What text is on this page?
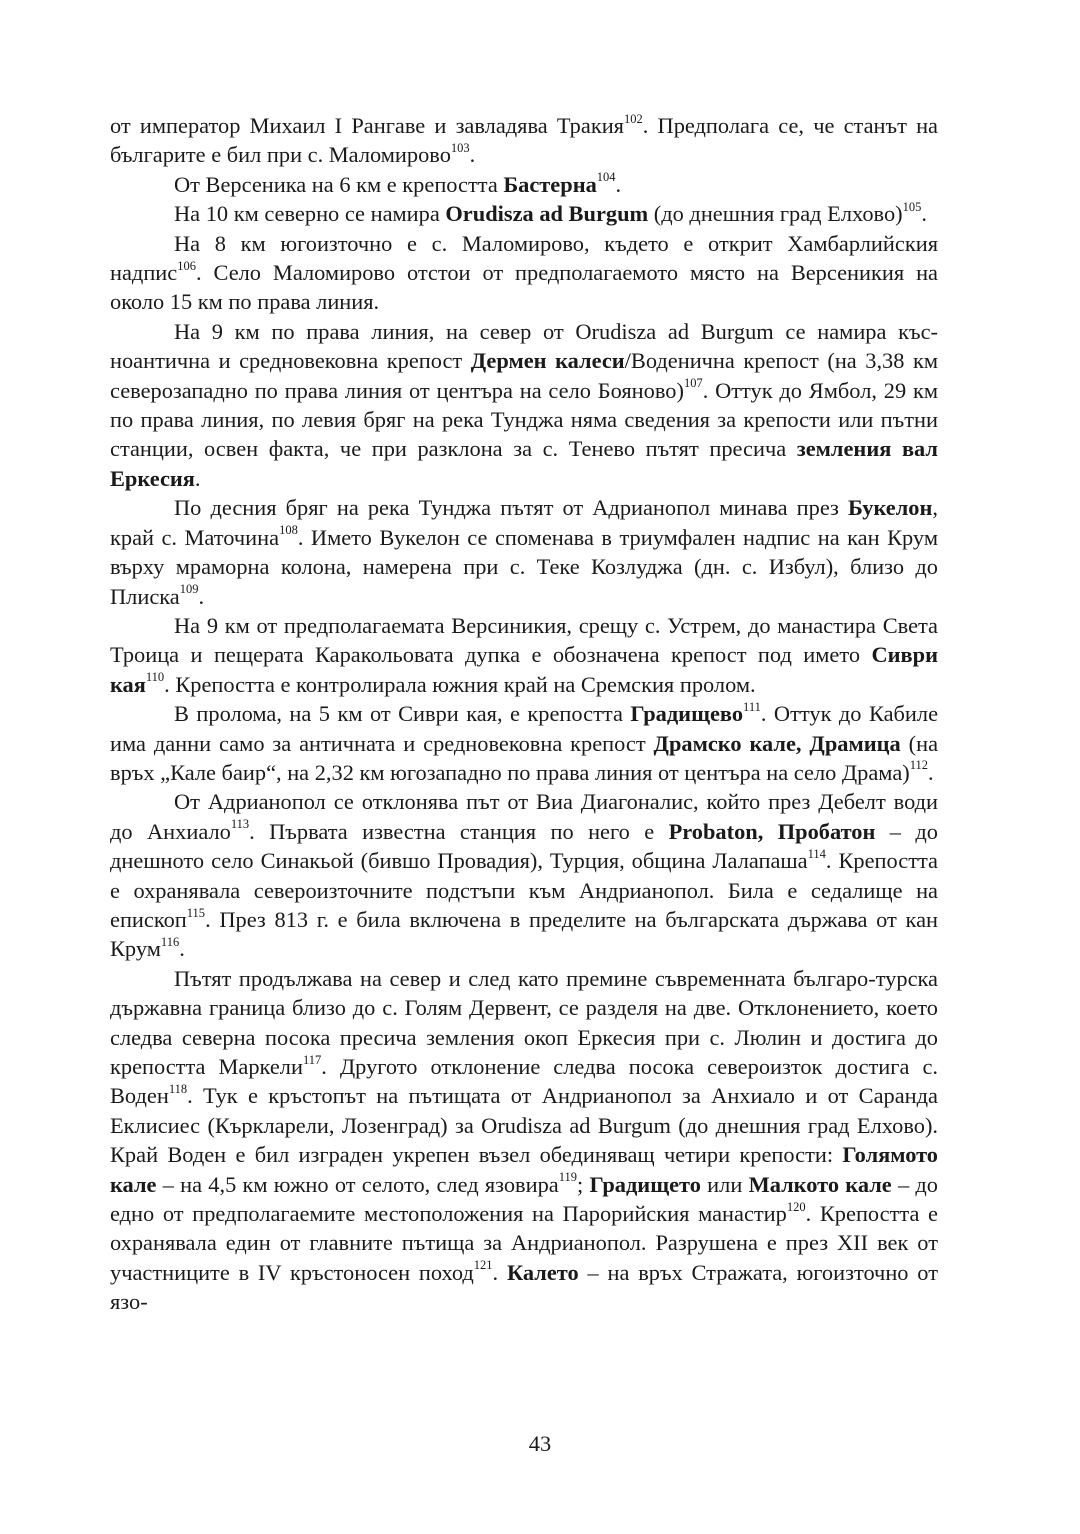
от император Михаил I Рангаве и завладява Тракия$^{102}$. Предполага се, че станът на българите е бил при с. Маломирово$^{103}$.

От Версеника на 6 км е крепостта Бастерна$^{104}$.

На 10 км северно се намира Orudisza ad Burgum (до днешния град Елхово)$^{105}$.

На 8 км югоизточно е с. Маломирово, където е открит Хамбарлийския надпис$^{106}$. Село Маломирово отстои от предполагаемото място на Версеникия на около 15 км по права линия.

На 9 км по права линия, на север от Orudisza ad Burgum се намира късноантична и средновековна крепост Дермен калеси/Воденична крепост (на 3,38 км северозападно по права линия от центъра на село Бояново)$^{107}$. Оттук до Ямбол, 29 км по права линия, по левия бряг на река Тунджа няма сведения за крепости или пътни станции, освен факта, че при разклона за с. Тенево пътят пресича земления вал Еркесия.

По десния бряг на река Тунджа пътят от Адрианопол минава през Букелон, край с. Маточина$^{108}$. Името Вукелон се споменава в триумфален надпис на кан Крум върху мраморна колона, намерена при с. Теке Козлуджа (дн. с. Избул), близо до Плиска$^{109}$.

На 9 км от предполагаемата Версиникия, срещу с. Устрем, до манастира Света Троица и пещерата Каракольовата дупка е обозначена крепост под името Сиври кая$^{110}$. Крепостта е контролирала южния край на Сремския пролом.

В пролома, на 5 км от Сиври кая, е крепостта Градищево$^{111}$. Оттук до Кабиле има данни само за античната и средновековна крепост Драмско кале, Драмица (на връх „Кале баир“, на 2,32 км югозападно по права линия от центъра на село Драма)$^{112}$.

От Адрианопол се отклонява път от Виа Диагоналис, който през Дебелт води до Анхиало$^{113}$. Първата известна станция по него е Probaton, Пробатон – до днешното село Синакьой (бившо Провадия), Турция, община Лалапаша$^{114}$. Крепостта е охранявала североизточните подстъпи към Андрианопол. Била е седалище на епископ$^{115}$. През 813 г. е била включена в пределите на българската държава от кан Крум$^{116}$.

Пътят продължава на север и след като премине съвременната българо-турска държавна граница близо до с. Голям Дервент, се разделя на две. Отклонението, което следва северна посока пресича земления окоп Еркесия при с. Люлин и достига до крепостта Маркели$^{117}$. Другото отклонение следва посока североизток достига с. Воден$^{118}$. Тук е кръстопът на пътищата от Андрианопол за Анхиало и от Саранда Еклисиес (Къркларели, Лозенград) за Orudisza ad Burgum (до днешния град Елхово). Край Воден е бил изграден укрепен възел обединяващ четири крепости: Голямото кале – на 4,5 км южно от селото, след язовира$^{119}$; Градището или Малкото кале – до едно от предполагаемите местоположения на Парорийския манастир$^{120}$. Крепостта е охранявала един от главните пътища за Андрианопол. Разрушена е през XII век от участниците в IV кръстоносен поход$^{121}$. Калето – на връх Стражата, югоизточно от язо-

43
